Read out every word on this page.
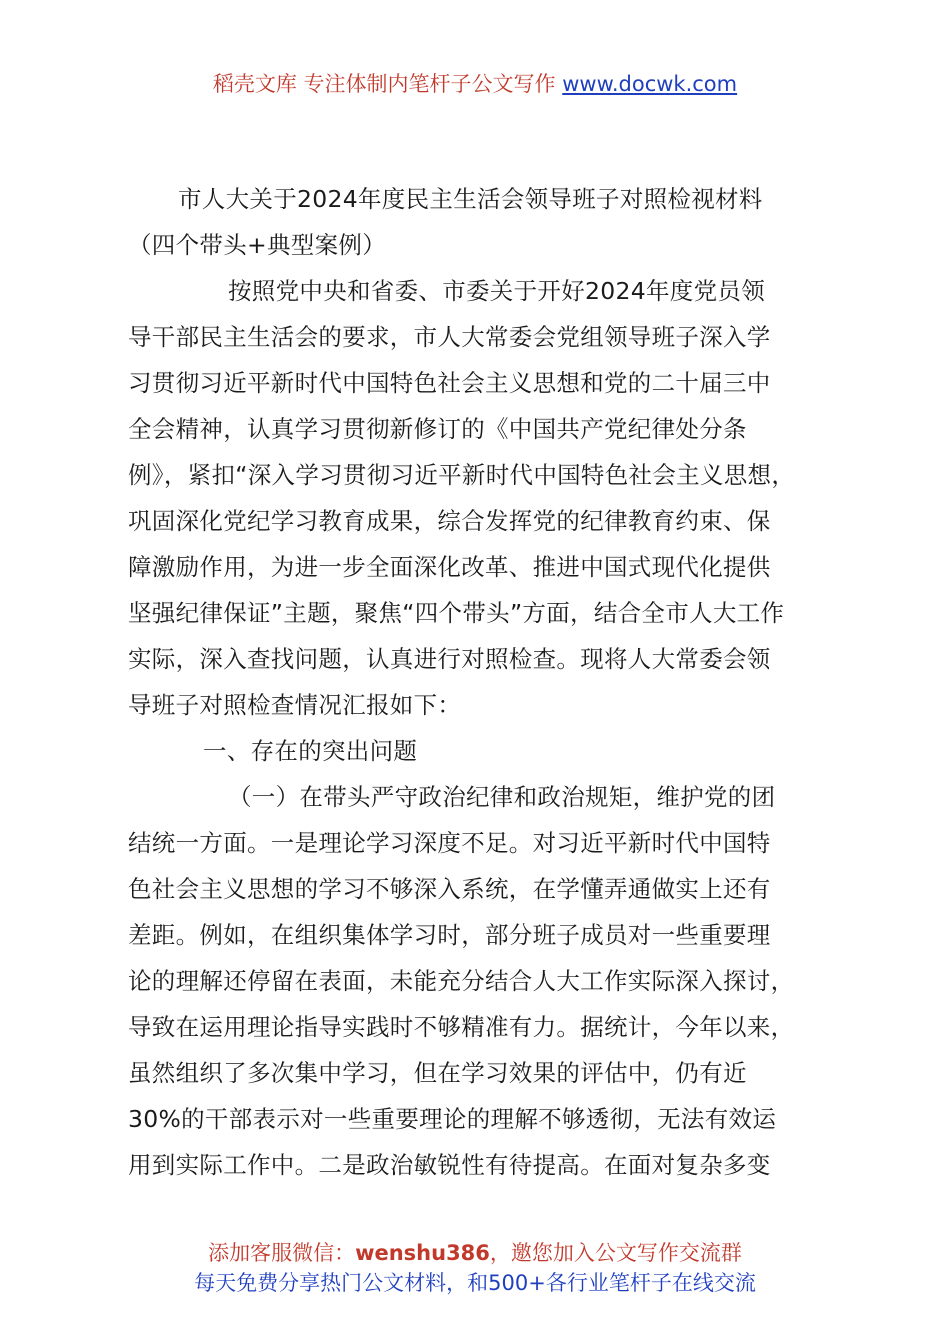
稻壳文库 专注体制内笔杆子公文写作 www.docwk.com
市人大关于2024年度民主生活会领导班子对照检视材料
（四个带头+典型案例）
按照党中央和省委、市委关于开好2024年度党员领
导干部民主生活会的要求，市人大常委会党组领导班子深入学
习贯彻习近平新时代中国特色社会主义思想和党的二十届三中
全会精神，认真学习贯彻新修订的《中国共产党纪律处分条
例》，紧扣“深入学习贯彻习近平新时代中国特色社会主义思想，
巩固深化党纪学习教育成果，综合发挥党的纪律教育约束、保
障激励作用，为进一步全面深化改革、推进中国式现代化提供
坚强纪律保证”主题，聚焦“四个带头”方面，结合全市人大工作
实际，深入查找问题，认真进行对照检查。现将人大常委会领
导班子对照检查情况汇报如下：
一、存在的突出问题
（一）在带头严守政治纪律和政治规矩，维护党的团
结统一方面。一是理论学习深度不足。对习近平新时代中国特
色社会主义思想的学习不够深入系统，在学懂弄通做实上还有
差距。例如，在组织集体学习时，部分班子成员对一些重要理
论的理解还停留在表面，未能充分结合人大工作实际深入探讨，
导致在运用理论指导实践时不够精准有力。据统计，今年以来，
虽然组织了多次集中学习，但在学习效果的评估中，仍有近
30%的干部表示对一些重要理论的理解不够透彻，无法有效运
用到实际工作中。二是政治敏锐性有待提高。在面对复杂多变
添加客服微信：wenshu386，邀您加入公文写作交流群
每天免费分享热门公文材料，和500+各行业笔杆子在线交流
